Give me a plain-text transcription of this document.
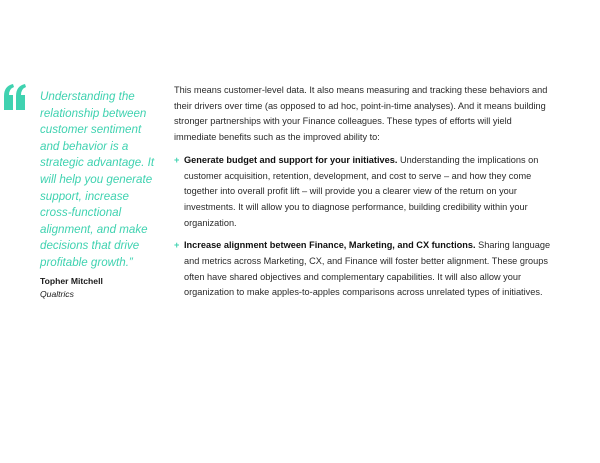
Understanding the relationship between customer sentiment and behavior is a strategic advantage. It will help you generate support, increase cross-functional alignment, and make decisions that drive profitable growth.”
Topher Mitchell
Qualtrics

This means customer-level data. It also means measuring and tracking these behaviors and their drivers over time (as opposed to ad hoc, point-in-time analyses). And it means building stronger partnerships with your Finance colleagues. These types of efforts will yield immediate benefits such as the improved ability to:

+ Generate budget and support for your initiatives. Understanding the implications on customer acquisition, retention, development, and cost to serve – and how they come together into overall profit lift – will provide you a clearer view of the return on your investments. It will allow you to diagnose performance, building credibility within your organization.
+ Increase alignment between Finance, Marketing, and CX functions. Sharing language and metrics across Marketing, CX, and Finance will foster better alignment. These groups often have shared objectives and complementary capabilities. It will also allow your organization to make apples-to-apples comparisons across unrelated types of initiatives.
